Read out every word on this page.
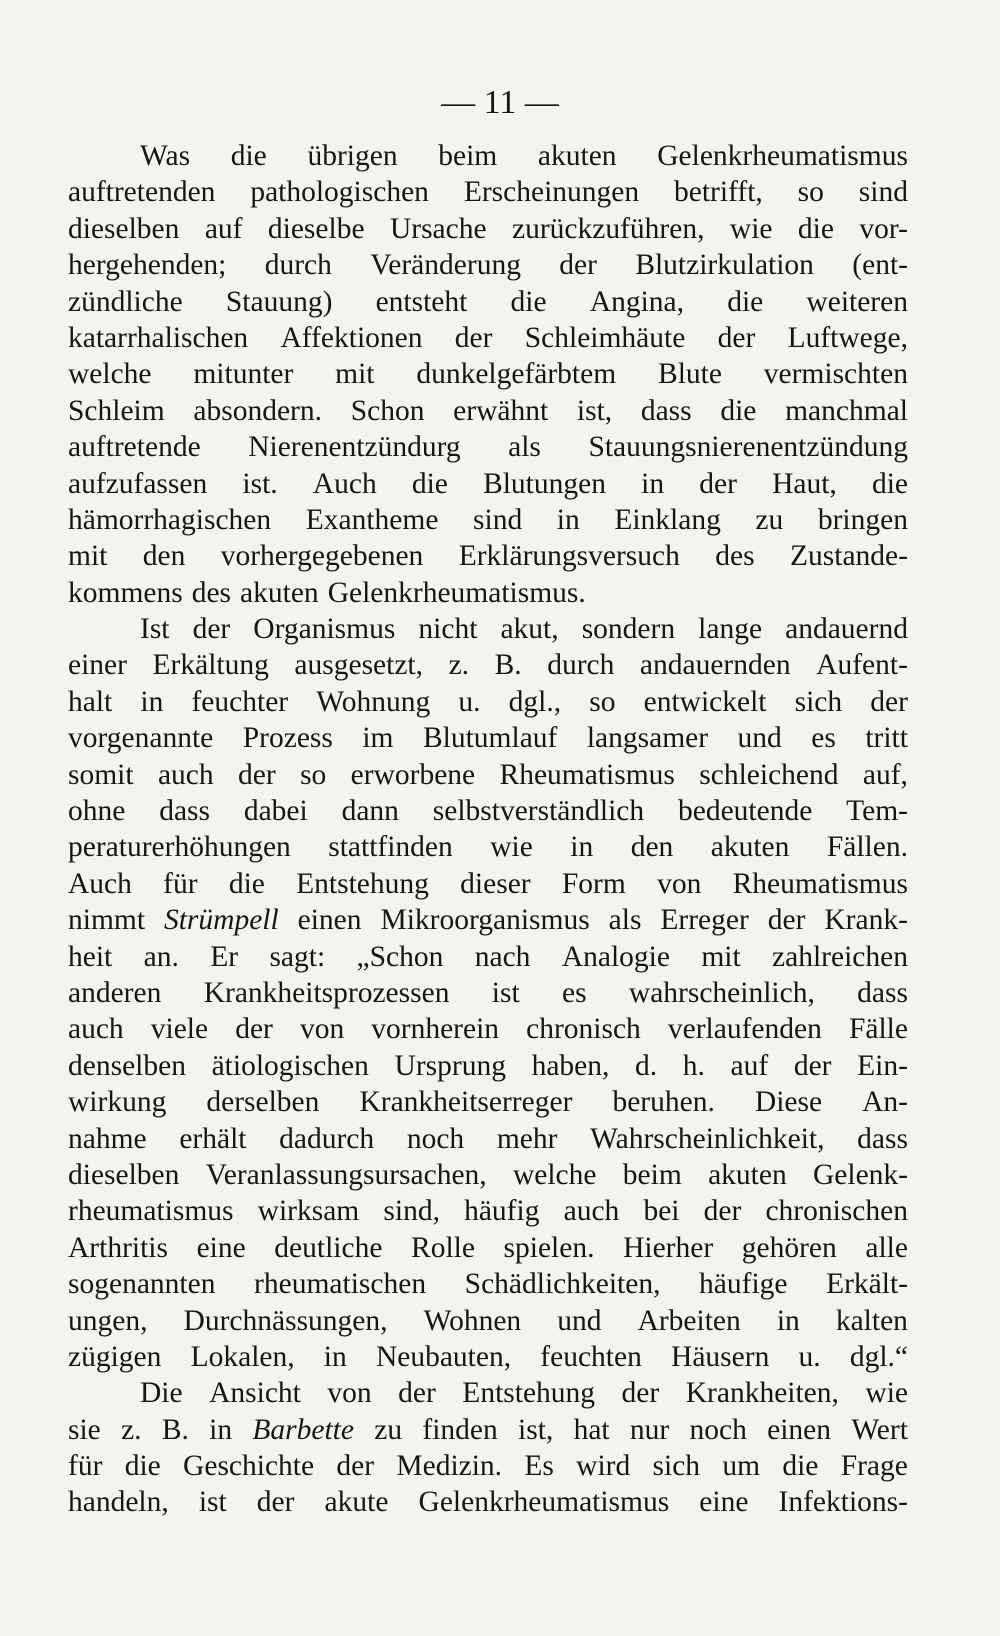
— 11 —
Was die übrigen beim akuten Gelenkrheumatismus
auftretenden pathologischen Erscheinungen betrifft, so sind
dieselben auf dieselbe Ursache zurückzuführen, wie die vor-
hergehenden; durch Veränderung der Blutzirkulation (ent-
zündliche Stauung) entsteht die Angina, die weiteren
katarrhalischen Affektionen der Schleimhäute der Luftwege,
welche mitunter mit dunkelgefärbtem Blute vermischten
Schleim absondern. Schon erwähnt ist, dass die manchmal
auftretende Nierenentzündurg als Stauungsnierenentzündung
aufzufassen ist. Auch die Blutungen in der Haut, die
hämorrhagischen Exantheme sind in Einklang zu bringen
mit den vorhergegebenen Erklärungsversuch des Zustande-
kommens des akuten Gelenkrheumatismus.
Ist der Organismus nicht akut, sondern lange andauernd
einer Erkältung ausgesetzt, z. B. durch andauernden Aufent-
halt in feuchter Wohnung u. dgl., so entwickelt sich der
vorgenannte Prozess im Blutumlauf langsamer und es tritt
somit auch der so erworbene Rheumatismus schleichend auf,
ohne dass dabei dann selbstverständlich bedeutende Tem-
peraturerhöhungen stattfinden wie in den akuten Fällen.
Auch für die Entstehung dieser Form von Rheumatismus
nimmt Strümpell einen Mikroorganismus als Erreger der Krank-
heit an. Er sagt: „Schon nach Analogie mit zahlreichen
anderen Krankheitsprozessen ist es wahrscheinlich, dass
auch viele der von vornherein chronisch verlaufenden Fälle
denselben ätiologischen Ursprung haben, d. h. auf der Ein-
wirkung derselben Krankheitserreger beruhen. Diese An-
nahme erhält dadurch noch mehr Wahrscheinlichkeit, dass
dieselben Veranlassungsursachen, welche beim akuten Gelenk-
rheumatismus wirksam sind, häufig auch bei der chronischen
Arthritis eine deutliche Rolle spielen. Hierher gehören alle
sogenannten rheumatischen Schädlichkeiten, häufige Erkält-
ungen, Durchnässungen, Wohnen und Arbeiten in kalten
zügigen Lokalen, in Neubauten, feuchten Häusern u. dgl.“
Die Ansicht von der Entstehung der Krankheiten, wie
sie z. B. in Barbette zu finden ist, hat nur noch einen Wert
für die Geschichte der Medizin. Es wird sich um die Frage
handeln, ist der akute Gelenkrheumatismus eine Infektions-
